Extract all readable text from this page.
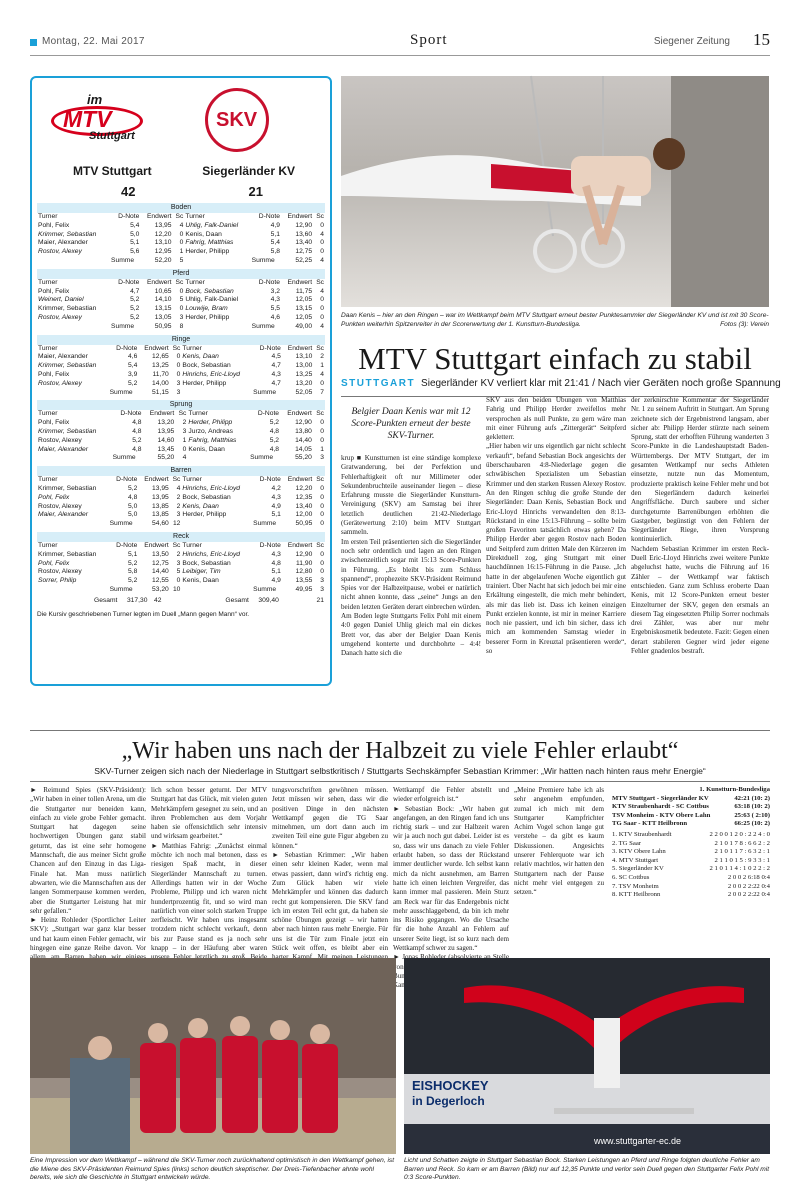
Montag, 22. Mai 2017	Sport	Siegener Zeitung 15
im
MTV
Stuttgart
SKV
MTV Stuttgart	Siegerländer KV
42	21
Boden
Turner	D-Note	Endwert	Sc	Turner	D-Note	Endwert	Sc
Pohl, Felix	5,4	13,95	4	Uhlig, Falk-Daniel	4,9	12,90	0
Krimmer, Sebastian	5,0	12,20	0	Kenis, Daan	5,1	13,60	4
Maier, Alexander	5,1	13,10	0	Fahrig, Matthias	5,4	13,40	0
Rostov, Alexey	5,6	12,95	1	Herder, Philipp	5,8	12,75	0
	Summe	52,20	5		Summe	52,25	4
Pferd
Turner	D-Note	Endwert	Sc	Turner	D-Note	Endwert	Sc
Pohl, Felix	4,7	10,65	0	Bock, Sebastian	3,2	11,75	4
Weinert, Daniel	5,2	14,10	5	Uhlig, Falk-Daniel	4,3	12,05	0
Krimmer, Sebastian	5,2	13,15	0	Louwije, Bram	5,5	13,15	0
Rostov, Alexey	5,2	13,05	3	Herder, Philipp	4,6	12,05	0
	Summe	50,95	8		Summe	49,00	4
Ringe
Turner	D-Note	Endwert	Sc	Turner	D-Note	Endwert	Sc
Maier, Alexander	4,6	12,65	0	Kenis, Daan	4,5	13,10	2
Krimmer, Sebastian	5,4	13,25	0	Bock, Sebastian	4,7	13,00	1
Pohl, Felix	3,9	11,70	0	Hinrichs, Eric-Lloyd	4,3	13,25	4
Rostov, Alexey	5,2	14,00	3	Herder, Philipp	4,7	13,20	0
	Summe	51,15	3		Summe	52,05	7
Sprung
Turner	D-Note	Endwert	Sc	Turner	D-Note	Endwert	Sc
Pohl, Felix	4,8	13,20	2	Herder, Philipp	5,2	12,90	0
Krimmer, Sebastian	4,8	13,95	3	Jurzo, Andreas	4,8	13,80	0
Rostov, Alexey	5,2	14,60	1	Fahrig, Matthias	5,2	14,40	0
Maier, Alexander	4,8	13,45	0	Kenis, Daan	4,8	14,05	1
	Summe	55,20	4		Summe	55,20	3
Barren
Turner	D-Note	Endwert	Sc	Turner	D-Note	Endwert	Sc
Krimmer, Sebastian	5,2	13,95	4	Hinrichs, Eric-Lloyd	4,2	12,20	0
Pohl, Felix	4,8	13,95	2	Bock, Sebastian	4,3	12,35	0
Rostov, Alexey	5,0	13,85	2	Kenis, Daan	4,9	13,40	0
Maier, Alexander	5,0	13,85	3	Herder, Philipp	5,1	12,00	0
	Summe	54,60	12		Summe	50,95	0
Reck
Turner	D-Note	Endwert	Sc	Turner	D-Note	Endwert	Sc
Krimmer, Sebastian	5,1	13,50	2	Hinrichs, Eric-Lloyd	4,3	12,90	0
Pohl, Felix	5,2	12,75	3	Bock, Sebastian	4,8	11,90	0
Rostov, Alexey	5,8	14,40	5	Leibiger, Tim	5,1	12,80	0
Sorrer, Philip	5,2	12,55	0	Kenis, Daan	4,9	13,55	3
	Summe	53,20	10		Summe	49,95	3
	Gesamt	317,30	42		Gesamt	309,40	21
Die Kursiv geschriebenen Turner legten im Duell „Mann gegen Mann“ vor.
Daan Kenis – hier an den Ringen – war im Wettkampf beim MTV Stuttgart erneut bester Punktesammler der Siegerländer KV und ist mit 30 Score-Punkten weiterhin Spitzenreiter in der Scorerwertung der 1. Kunstturn-Bundesliga.	Fotos (3): Verein
MTV Stuttgart einfach zu stabil
STUTTGART Siegerländer KV verliert klar mit 21:41 / Nach vier Geräten noch große Spannung
Belgier Daan Kenis war mit 12 Score-Punkten erneut der beste SKV-Turner.
krup ■ Kunstturnen ist eine ständige komplexe Gratwanderung, bei der Perfektion und Fehlerhaftigkeit oft nur Millimeter oder Sekundenbruchteile auseinander liegen – diese Erfahrung musste die Siegerländer Kunstturn-Vereinigung (SKV) am Samstag bei ihrer letztlich deutlichen 21:42-Niederlage (Gerätewertung 2:10) beim MTV Stuttgart sammeln.
Im ersten Teil präsentierten sich die Siegerländer noch sehr ordentlich und lagen an den Ringen zwischenzeitlich sogar mit 15:13 Score-Punkten in Führung. „Es bleibt bis zum Schluss spannend“, prophezeite SKV-Präsident Reimund Spies vor der Halbzeitpause, wobei er natürlich nicht ahnen konnte, dass „seine“ Jungs an den beiden letzten Geräten derart einbrechen würden.
Am Boden legte Stuttgarts Felix Pohl mit einem 4:0 gegen Daniel Uhlig gleich mal ein dickes Brett vor, das aber der Belgier Daan Kenis umgehend konterte und durchbohrte – 4:4! Danach hatte sich die
SKV aus den beiden Übungen von Matthias Fahrig und Philipp Herder zweifellos mehr versprochen als null Punkte, zu gern wäre man mit einer Führung aufs „Zittergerät“ Seitpferd gekletterr.
„Hier haben wir uns eigentlich gar nicht schlecht verkauft“, befand Sebastian Bock angesichts der überschaubaren 4:8-Niederlage gegen die schwäbischen Spezialisten um Sebastian Krimmer und den starken Russen Alexey Rostov. An den Ringen schlug die große Stunde der Siegerländer: Daan Kenis, Sebastian Bock und Eric-Lloyd Hinrichs verwandelten den 8:13-Rückstand in eine 15:13-Führung – sollte beim großen Favoriten tatsächlich etwas gehen? Da Philipp Herder aber gegen Rostov nach Boden und Seitpferd zum dritten Male den Kürzeren im Direktduell zog, ging Stuttgart mit einer hauchdünnen 16:15-Führung in die Pause. „Ich hatte in der abgelaufenen Woche eigentlich gut trainiert. Über Nacht hat sich jedoch bei mir eine Erkältung eingestellt, die mich mehr behindert, als mir das lieb ist. Dass ich keinen einzigen Punkt erzielen konnte, ist mir in meiner Karriere noch nie passiert, und ich bin sicher, dass ich mich am kommenden Samstag wieder in besserer Form in Kreuztal präsentieren werde“, so
der zerknirschte Kommentar der Siegerländer Nr. 1 zu seinem Auftritt in Stuttgart. Am Sprung zeichnete sich der Ergebnistrend langsam, aber sicher ab: Philipp Herder stürzte nach seinem Sprung, statt der erhofften Führung wanderten 3 Score-Punkte in die Landeshauptstadt Baden-Württembergs. Der MTV Stuttgart, der im gesamten Wettkampf nur sechs Athleten einsetzte, nutzte nun das Momentum, produzierte praktisch keine Fehler mehr und bot den Siegerländern dadurch keinerlei Angriffsfläche. Durch saubere und sicher durchgeturnte Barrenübungen erhöhten die Gastgeber, begünstigt von den Fehlern der Siegerländer Riege, ihren Vorsprung kontinuierlich.
Nachdem Sebastian Krimmer im ersten Reck-Duell Eric-Lloyd Hinrichs zwei weitere Punkte abgeluchst hatte, wuchs die Führung auf 16 Zähler – der Wettkampf war faktisch entschieden. Ganz zum Schluss eroberte Daan Kenis, mit 12 Score-Punkten erneut bester Einzelturner der SKV, gegen den ersmals an diesem Tag eingesetzten Philip Sorrer nochmals drei Zähler, was aber nur mehr Ergebniskosmetik bedeutete. Fazit: Gegen einen derart stabileren Gegner wird jeder eigene Fehler gnadenlos bestraft.
„Wir haben uns nach der Halbzeit zu viele Fehler erlaubt“
SKV-Turner zeigen sich nach der Niederlage in Stuttgart selbstkritisch / Stuttgarts Sechskämpfer Sebastian Krimmer: „Wir hatten nach hinten raus mehr Energie“
► Reimund Spies (SKV-Präsident): „Wir haben in einer tollen Arena, um die die Stuttgarter nur beneiden kann, einfach zu viele grobe Fehler gemacht. Stuttgart hat dagegen seine hochwertigen Übungen ganz stabil geturnt, das ist eine sehr homogene Mannschaft, die aus meiner Sicht große Chancen auf den Einzug in das Liga-Finale hat. Man muss natürlich abwarten, wie die Mannschaften aus der langen Sommerpause kommen werden, aber die Stuttgarter Leistung hat mir sehr gefallen.“
► Heinz Rohleder (Sportlicher Leiter SKV): „Stuttgart war ganz klar besser und hat kaum einen Fehler gemacht, wir hingegen eine ganze Reihe davon. Vor
lich schon besser geturnt. Der MTV Stuttgart hat das Glück, mit vielen guten Mehrkämpfern gesegnet zu sein, und an ihren Problemchen aus dem Vorjahr haben sie offensichtlich sehr intensiv und wirksam gearbeitet.“
► Matthias Fahrig: „Zunächst einmal möchte ich noch mal betonen, dass es riesigen Spaß macht, in dieser Siegerländer Mannschaft zu turnen. Allerdings hatten wir in der Woche Probleme, Philipp und ich waren nicht hundertprozentig fit, und so wird man natürlich von einer solch starken Truppe zerfleischt. Wir haben uns insgesamt trotzdem nicht schlecht verkauft, denn bis zur Pause stand es ja noch sehr knapp – in der Häufung aber waren
tungsvorschriften gewöhnen müssen. Jetzt müssen wir sehen, dass wir die positiven Dinge in den nächsten Wettkampf gegen die TG Saar mitnehmen, um dort dann auch im zweiten Teil eine gute Figur abgeben zu können.“
► Sebastian Krimmer: „Wir haben einen sehr kleinen Kader, wenn mal etwas passiert, dann wird's richtig eng. Zum Glück haben wir viele Mehrkämpfer und können das dadurch recht gut kompensieren. Die SKV fand ich im ersten Teil echt gut, da haben sie schöne Übungen gezeigt – wir hatten aber nach hinten raus mehr Energie. Für uns ist die Tür zum Finale jetzt ein Stück weit offen, es bleibt aber ein
Wettkampf die Fehler abstellt und wieder erfolgreich ist.“
► Sebastian Bock: „Wir haben gut angefangen, an den Ringen fand ich uns richtig stark – und zur Halbzeit waren wir ja auch noch gut dabei. Leider ist es so, dass wir uns danach zu viele Fehler erlaubt haben, so dass der Rückstand immer deutlicher wurde. Ich selbst kann mich da nicht ausnehmen, am Barren hatte ich einen leichten Vergreifer, das kann immer mal passieren. Mein Sturz am Reck war für das Endergebnis nicht mehr ausschlaggebend, da bin ich mehr ins Risiko gegangen. Wo die Ursache für die hohe Anzahl an Fehlern auf unserer Seite liegt, ist so kurz nach dem Wettkampf schwer zu sagen.“
► von
„Meine Premiere habe ich als sehr angenehm empfunden, zumal ich mich mit dem Stuttgarter Kampfrichter Achim Vogel schon lange gut verstehe – da gibt es kaum Diskussionen. Angesichts unserer Fehlerquote war ich relativ machtlos, wir hatten den Stuttgartern nach der Pause nicht mehr viel entgegen zu setzen.“
1. Kunstturn-Bundesliga
MTV Stuttgart - Siegerländer KV	42:21 (10: 2)
KTV Straubenhardt - SC Cottbus	63:18 (10: 2)
TSV Monheim - KTV Obere Lahn	25:63 ( 2:10)
TG Saar - KTT Heilbronn	66:25 (10: 2)
1. KTV Straubenhardt	2 2 0 0 1 2 0 : 2 2 4 : 0
2. TG Saar	2 1 0 1 7 8 : 6 6 2 : 2
3. KTV Obere Lahn	2 1 0 1 1 7 : 6 3 2 : 1
4. MTV Stuttgart	2 1 1 0 1 5 : 9 3 3 : 1
5. Siegerländer KV	2 1 0 1 1 4 : 1 0 2 2 : 2
6. SC Cottbus	2 0 0 2 6:18 0:4
7. TSV Monheim	2 0 0 2 2:22 0:4
8. KTT Heilbronn	2 0 0 2 2:22 0:4
Eine Impression vor dem Wettkampf – während die SKV-Turner noch zurückhaltend optimistisch in den Wettkampf gehen, ist die Miene des SKV-Präsidenten Reimund Spies (links) schon deutlich skeptischer. Der Dreis-Tiefenbacher ahnte wohl bereits, wie sich die Geschichte in Stuttgart entwickeln würde.
EISHOCKEY
in Degerloch
www.stuttgarter-ec.de
Licht und Schatten zeigte in Stuttgart Sebastian Bock. Starken Leistungen an Pferd und Ringe folgten deutliche Fehler am Barren und Reck. So kam er am Barren (Bild) nur auf 12,35 Punkte und verlor sein Duell gegen den Stuttgarter Felix Pohl mit 0:3 Score-Punkten.
